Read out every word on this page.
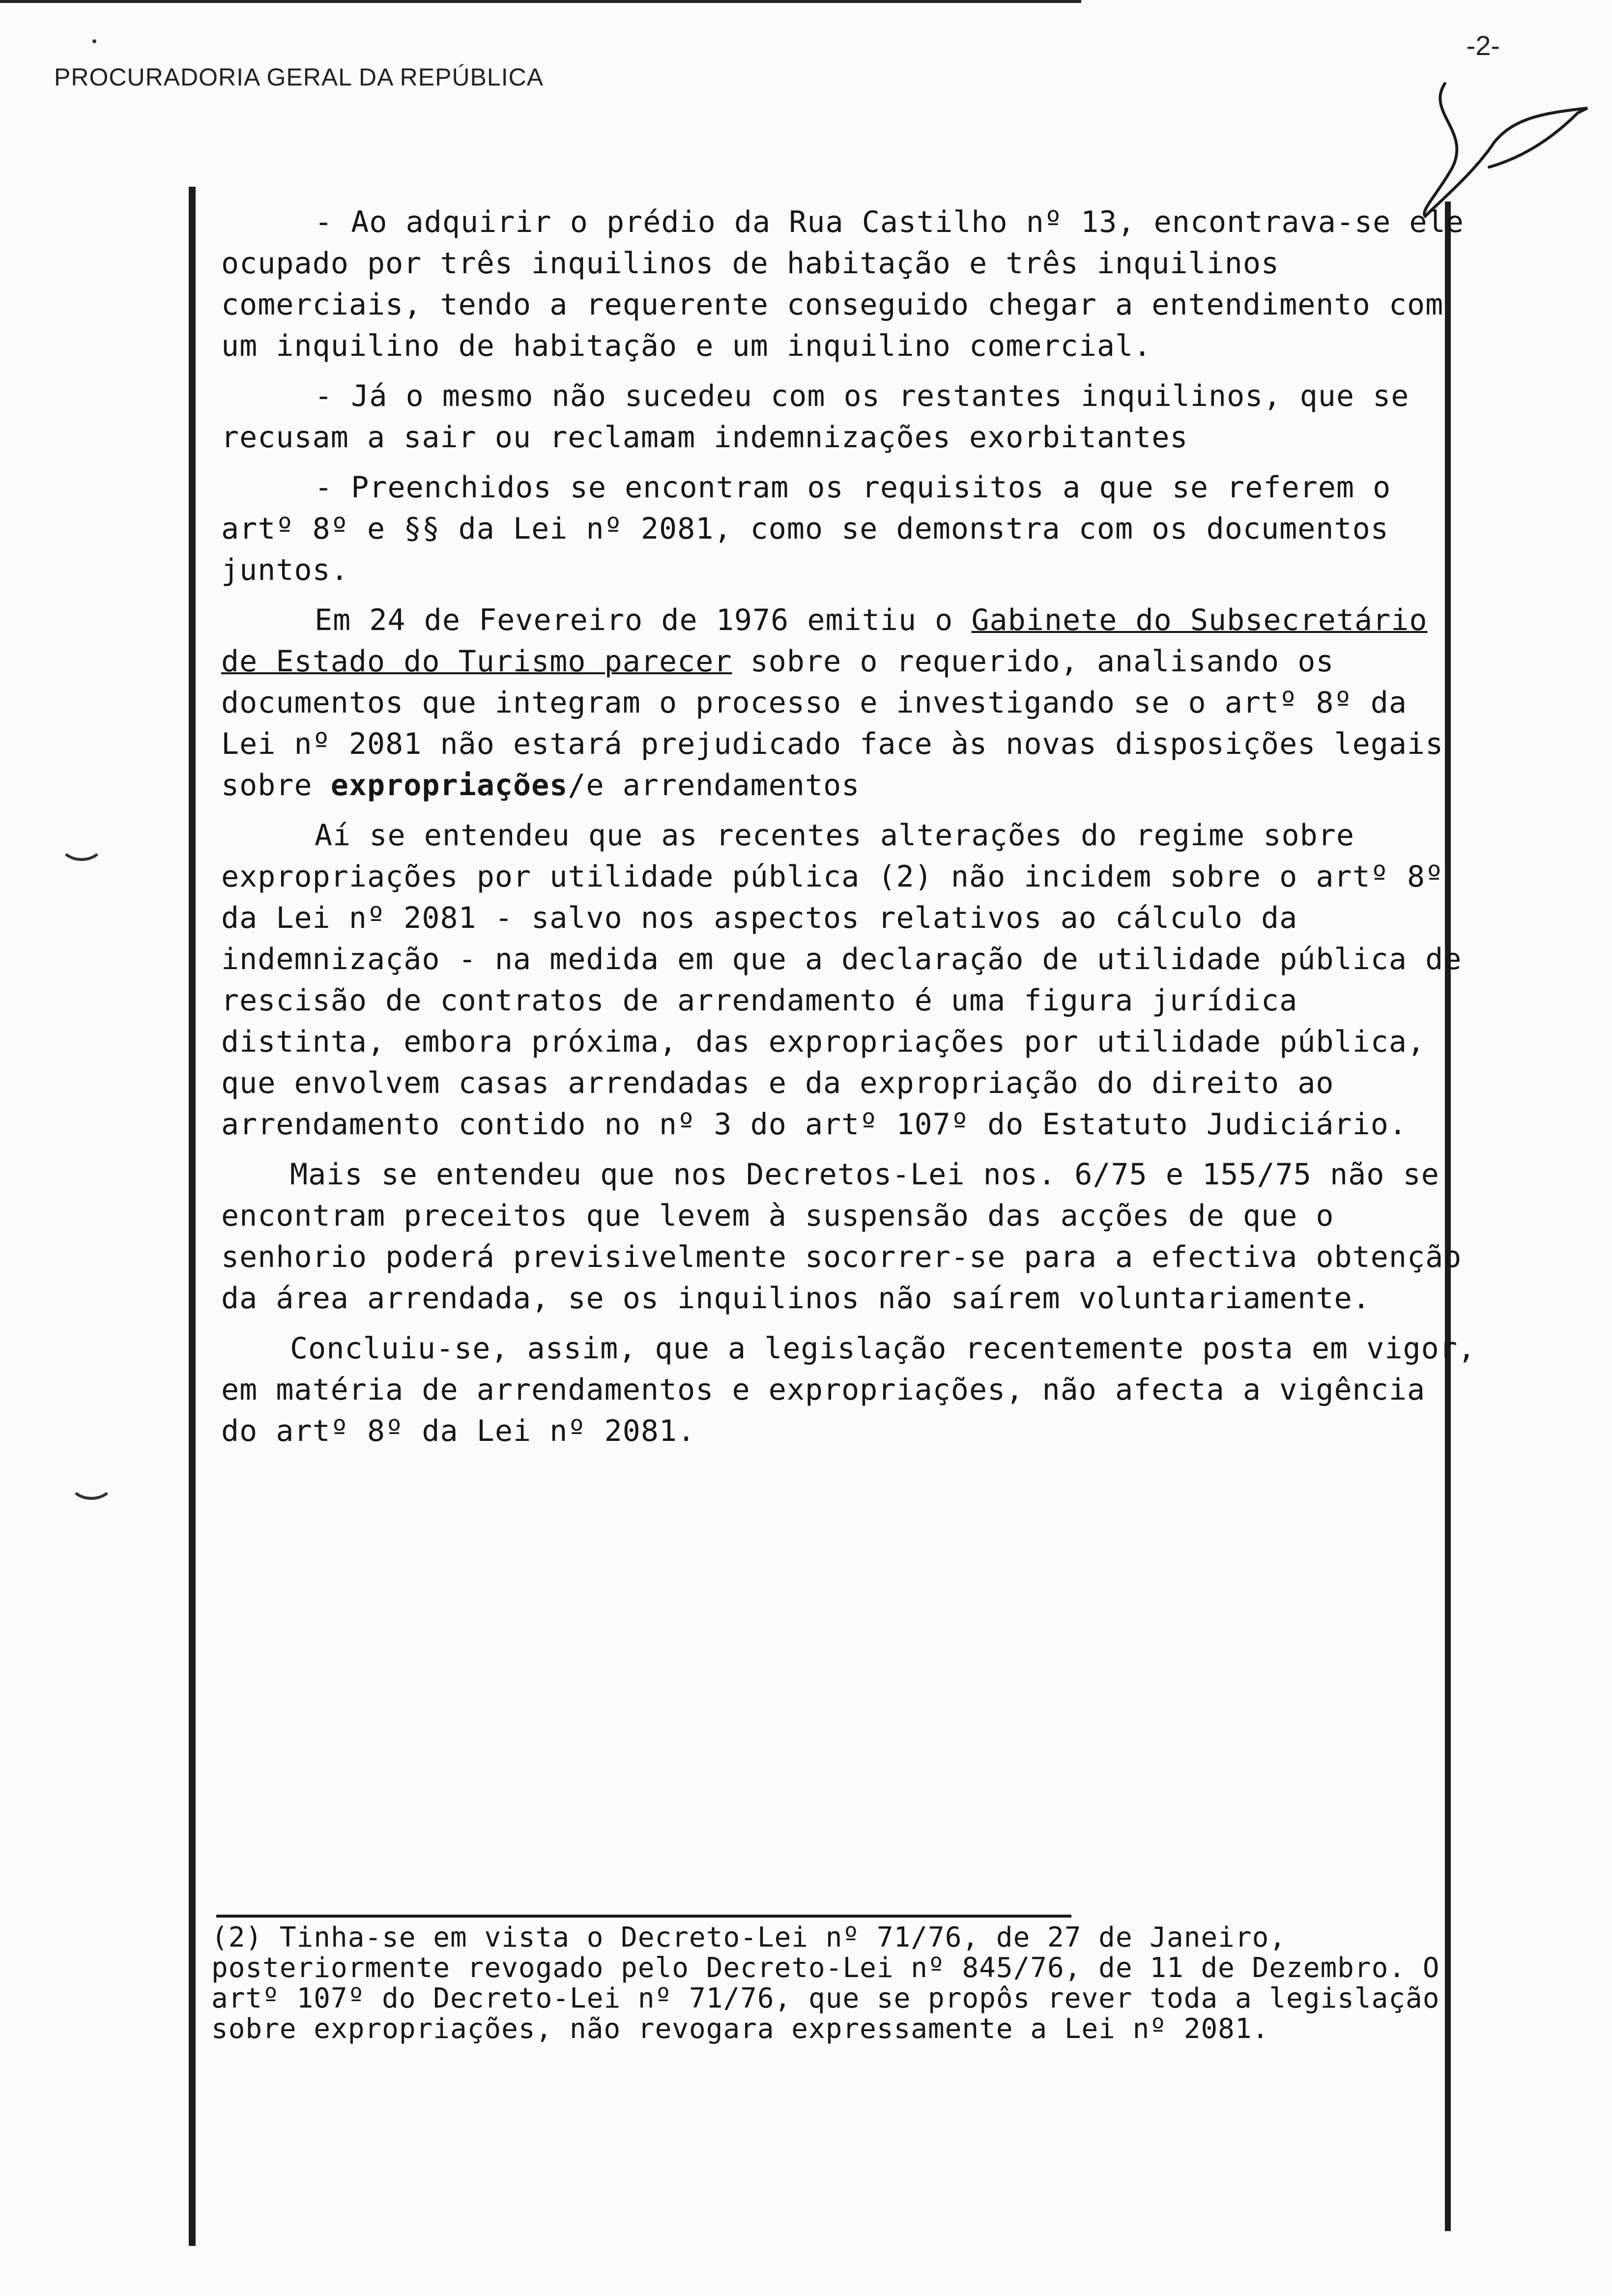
PROCURADORIA GERAL DA REPÚBLICA
-2-

- Ao adquirir o prédio da Rua Castilho nº 13, encontrava-se ele ocupado por três inquilinos de habitação e três inquilinos comerciais, tendo a requerente conseguido chegar a entendimento com um inquilino de habitação e um inquilino comercial.

- Já o mesmo não sucedeu com os restantes inquilinos, que se recusam a sair ou reclamam indemnizações exorbitantes

- Preenchidos se encontram os requisitos a que se referem o artº 8º e §§ da Lei nº 2081, como se demonstra com os documentos juntos.

Em 24 de Fevereiro de 1976 emitiu o Gabinete do Subsecretário de Estado do Turismo parecer sobre o requerido, analisando os documentos que integram o processo e investigando se o artº 8º da Lei nº 2081 não estará prejudicado face às novas disposições legais sobre expropriações/e arrendamentos

Aí se entendeu que as recentes alterações do regime sobre expropriações por utilidade pública (2) não incidem sobre o artº 8º da Lei nº 2081 - salvo nos aspectos relativos ao cálculo da indemnização - na medida em que a declaração de utilidade pública de rescisão de contratos de arrendamento é uma figura jurídica distinta, embora próxima, das expropriações por utilidade pública, que envolvem casas arrendadas e da expropriação do direito ao arrendamento contido no nº 3 do artº 107º do Estatuto Judiciário.

Mais se entendeu que nos Decretos-Lei nos. 6/75 e 155/75 não se encontram preceitos que levem à suspensão das acções de que o senhorio poderá previsivelmente socorrer-se para a efectiva obtenção da área arrendada, se os inquilinos não saírem voluntariamente.

Concluiu-se, assim, que a legislação recentemente posta em vigor, em matéria de arrendamentos e expropriações, não afecta a vigência do artº 8º da Lei nº 2081.

(2) Tinha-se em vista o Decreto-Lei nº 71/76, de 27 de Janeiro, posteriormente revogado pelo Decreto-Lei nº 845/76, de 11 de Dezembro. O artº 107º do Decreto-Lei nº 71/76, que se propôs rever toda a legislação sobre expropriações, não revogara expressamente a Lei nº 2081.
